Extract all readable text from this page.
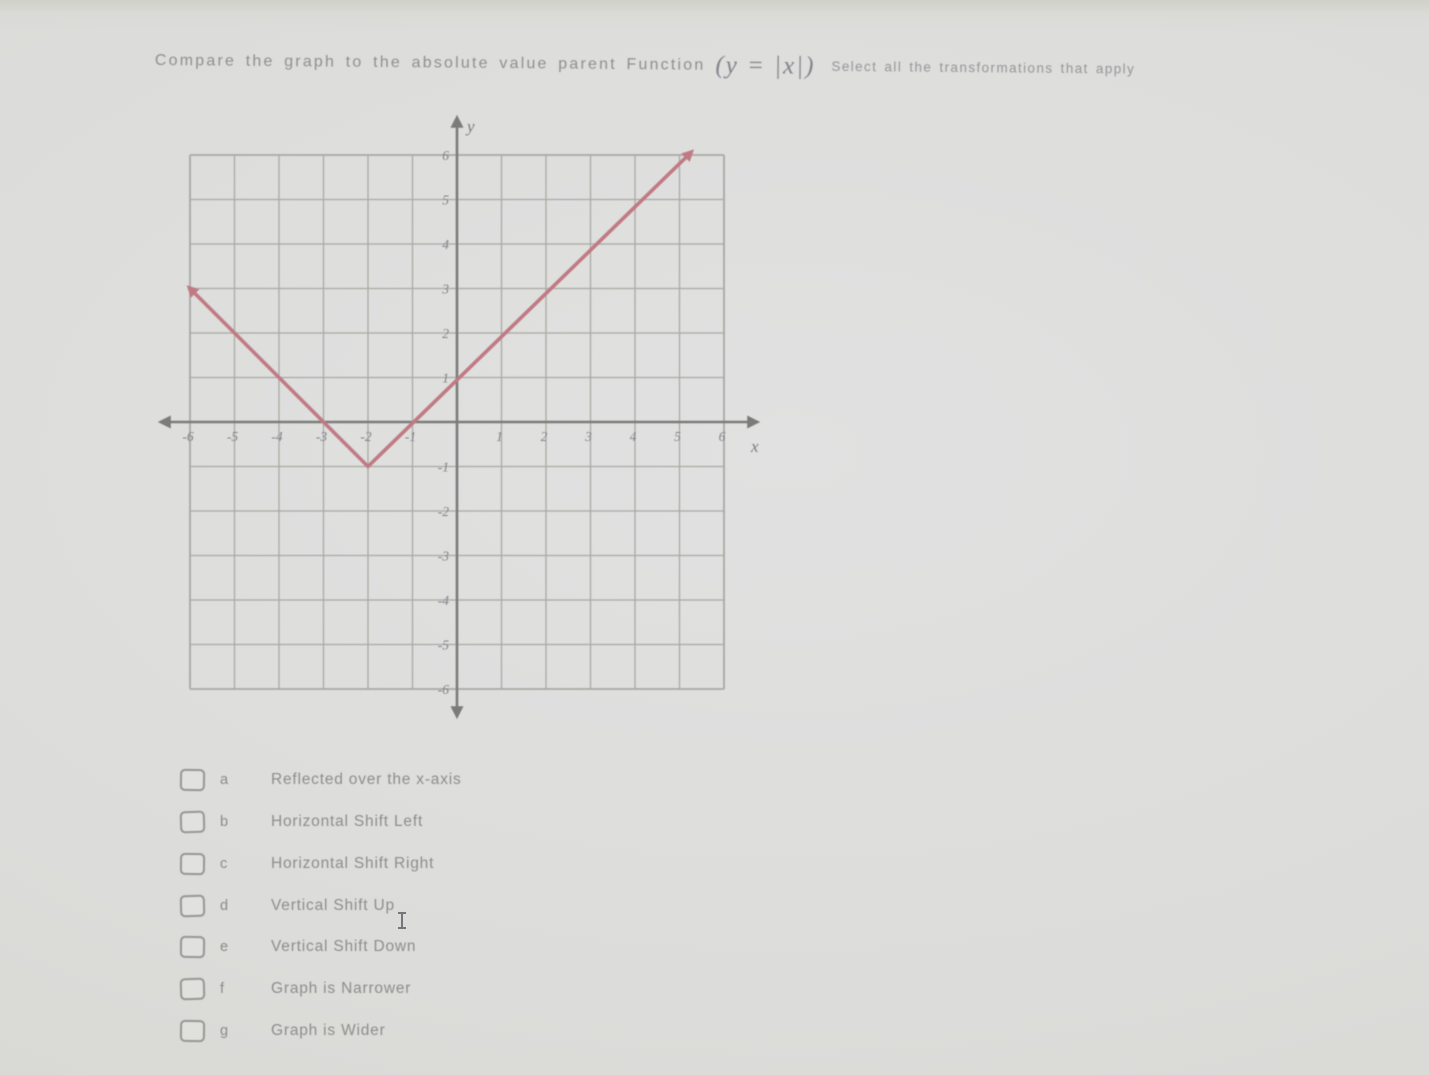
Compare the graph to the absolute value parent Function (y = |x|) Select all the transformations that apply
-6 -5 -4 -3 -2 -1	1	2	3	4	5	6
6
5
4
3
2
1
-1
-2
-3
-4
-5
-6
x
y
a	Reflected over the x-axis
b	Horizontal Shift Left
c	Horizontal Shift Right
d	Vertical Shift Up
e	Vertical Shift Down
f	Graph is Narrower
g	Graph is Wider
